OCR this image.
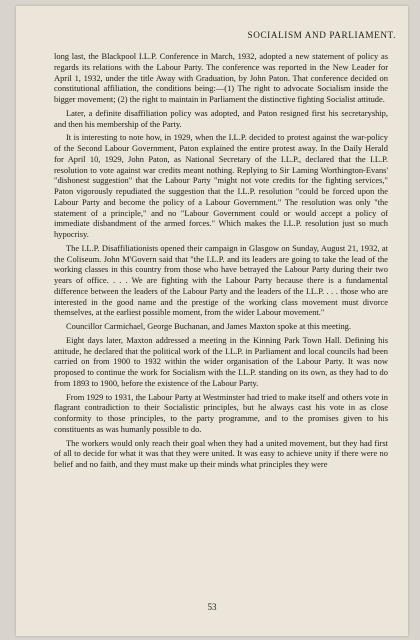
SOCIALISM AND PARLIAMENT.

long last, the Blackpool I.L.P. Conference in March, 1932, adopted a new statement of policy as regards its relations with the Labour Party. The conference was reported in the New Leader for April 1, 1932, under the title Away with Graduation, by John Paton. That conference decided on constitutional affiliation, the conditions being:—(1) The right to advocate Socialism inside the bigger movement; (2) the right to maintain in Parliament the distinctive fighting Socialist attitude.

Later, a definite disaffiliation policy was adopted, and Paton resigned first his secretaryship, and then his membership of the Party.

It is interesting to note how, in 1929, when the I.L.P. decided to protest against the war-policy of the Second Labour Government, Paton explained the entire protest away. In the Daily Herald for April 10, 1929, John Paton, as National Secretary of the I.L.P., declared that the I.L.P. resolution to vote against war credits meant nothing. Replying to Sir Laming Worthington-Evans' "dishonest suggestion" that the Labour Party "might not vote credits for the fighting services," Paton vigorously repudiated the suggestion that the I.L.P. resolution "could be forced upon the Labour Party and become the policy of a Labour Government." The resolution was only "the statement of a principle," and no "Labour Government could or would accept a policy of immediate disbandment of the armed forces." Which makes the I.L.P. resolution just so much hypocrisy.

The I.L.P. Disaffiliationists opened their campaign in Glasgow on Sunday, August 21, 1932, at the Coliseum. John M'Govern said that "the I.L.P. and its leaders are going to take the lead of the working classes in this country from those who have betrayed the Labour Party during their two years of office. . . . We are fighting with the Labour Party because there is a fundamental difference between the leaders of the Labour Party and the leaders of the I.L.P. . . . those who are interested in the good name and the prestige of the working class movement must divorce themselves, at the earliest possible moment, from the wider Labour movement."

Councillor Carmichael, George Buchanan, and James Maxton spoke at this meeting.

Eight days later, Maxton addressed a meeting in the Kinning Park Town Hall. Defining his attitude, he declared that the political work of the I.L.P. in Parliament and local councils had been carried on from 1900 to 1932 within the wider organisation of the Labour Party. It was now proposed to continue the work for Socialism with the I.L.P. standing on its own, as they had to do from 1893 to 1900, before the existence of the Labour Party.

From 1929 to 1931, the Labour Party at Westminster had tried to make itself and others vote in flagrant contradiction to their Socialistic principles, but he always cast his vote in as close conformity to those principles, to the party programme, and to the promises given to his constituents as was humanly possible to do.

The workers would only reach their goal when they had a united movement, but they had first of all to decide for what it was that they were united. It was easy to achieve unity if there were no belief and no faith, and they must make up their minds what principles they were

53
